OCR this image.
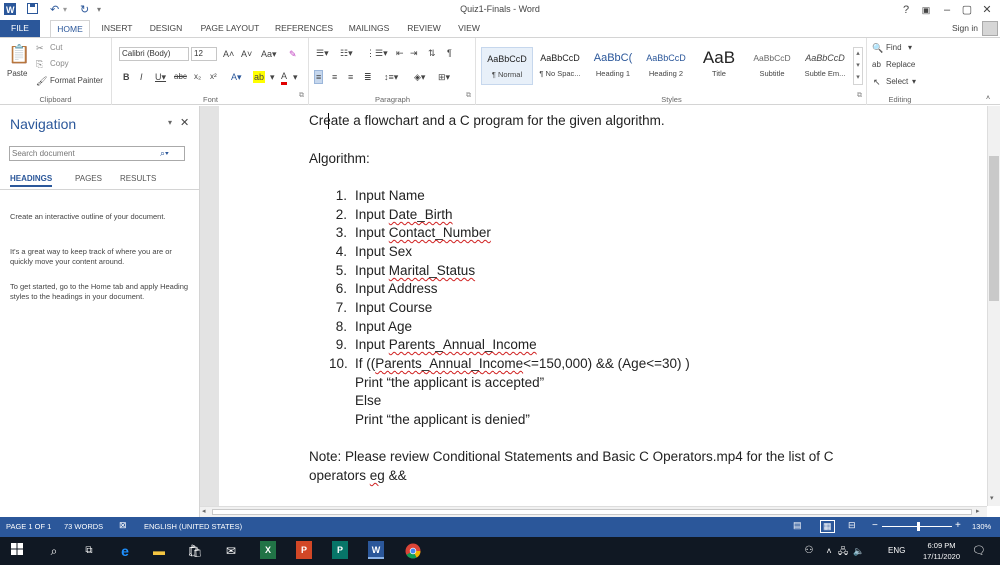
W	↶ ▾ ↻ ▾	Quiz1-Finals - Word	?	▣	–	▢ ✕
FILE	HOME	INSERT	DESIGN	PAGE LAYOUT	REFERENCES	MAILINGS	REVIEW	VIEW	Sign in
📋
Paste
✂ Cut
⎘ Copy
🖌 Format Painter
Clipboard
Calibri (Body)	12	A˄ A˅ Aa▾ ✎
B I U▾ abc x₂ x² A▾ ab ▾ A ▾
⧉
Font
☰▾ ☷▾ ⋮☰▾ ⇤ ⇥ ⇅ ¶
≡ ≡ ≡ ≣ ↕≡▾ ◈▾ ⊞▾
⧉
Paragraph
AaBbCcD
¶ Normal
AaBbCcD
¶ No Spac...
AaBbC(
Heading 1
AaBbCcD
Heading 2
AaB
Title
AaBbCcD
Subtitle
AaBbCcD
Subtle Em...
▴
▾
▾
⧉
Styles
🔍 Find ▾
ab Replace
↖ Select ▾
Editing	˄
Navigation	▾ ✕
Search document
⌕▾
HEADINGS	PAGES RESULTS
Create an interactive outline of your document.
It's a great way to keep track of where you are or quickly move your content around.
To get started, go to the Home tab and apply Heading styles to the headings in your document.
Create a flowchart and a C program for the given algorithm.
Algorithm:
1. Input Name
2. Input Date_Birth
3. Input Contact_Number
4. Input Sex
5. Input Marital_Status
6. Input Address
7. Input Course
8. Input Age
9. Input Parents_Annual_Income
10. If ((Parents_Annual_Income<=150,000) && (Age<=30) )
Print “the applicant is accepted”
Else
Print “the applicant is denied”
Note: Please review Conditional Statements and Basic C Operators.mp4 for the list of C
operators eg &&
▾
◂	▸
PAGE 1 OF 1 73 WORDS ⊠ ENGLISH (UNITED STATES)	▤	▦	⊟ −	+ 130%
⌕	⧉	e	▬ 🛍	✉	X	P	P	W	⚇	˄ 🖧 🔈	ENG
6:09 PM
17/11/2020 🗨
